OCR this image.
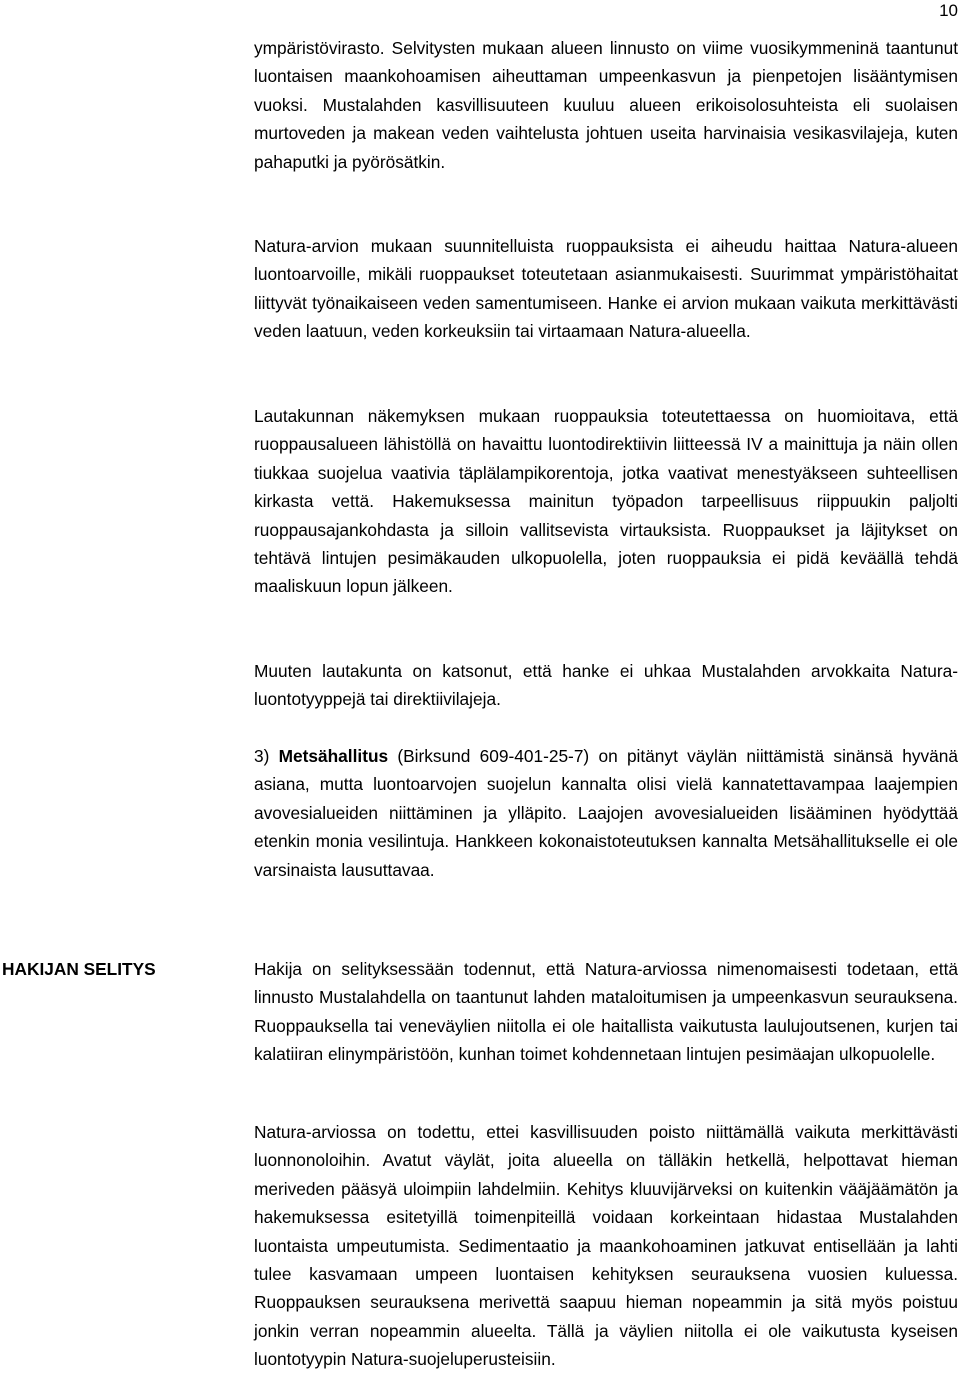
10

ympäristövirasto. Selvitysten mukaan alueen linnusto on viime vuosikymmeninä taantunut luontaisen maankohoamisen aiheuttaman umpeenkasvun ja pienpetojen lisääntymisen vuoksi. Mustalahden kasvillisuuteen kuuluu alueen erikoisolosuhteista eli suolaisen murtoveden ja makean veden vaihtelusta johtuen useita harvinaisia vesikasvilajeja, kuten pahaputki ja pyörösätkin.

Natura-arvion mukaan suunnitelluista ruoppauksista ei aiheudu haittaa Natura-alueen luontoarvoille, mikäli ruoppaukset toteutetaan asianmukaisesti. Suurimmat ympäristöhaitat liittyvät työnaikaiseen veden samentumiseen. Hanke ei arvion mukaan vaikuta merkittävästi veden laatuun, veden korkeuksiin tai virtaamaan Natura-alueella.

Lautakunnan näkemyksen mukaan ruoppauksia toteutettaessa on huomioitava, että ruoppausalueen lähistöllä on havaittu luontodirektiivin liitteessä IV a mainittuja ja näin ollen tiukkaa suojelua vaativia täplälampikorentoja, jotka vaativat menestyäkseen suhteellisen kirkasta vettä. Hakemuksessa mainitun työpadon tarpeellisuus riippuukin paljolti ruoppausajankohdasta ja silloin vallitsevista virtauksista. Ruoppaukset ja läjitykset on tehtävä lintujen pesimäkauden ulkopuolella, joten ruoppauksia ei pidä keväällä tehdä maaliskuun lopun jälkeen.

Muuten lautakunta on katsonut, että hanke ei uhkaa Mustalahden arvokkaita Natura-luontotyyppejä tai direktiivilajeja.

3) Metsähallitus (Birksund 609-401-25-7) on pitänyt väylän niittämistä sinänsä hyvänä asiana, mutta luontoarvojen suojelun kannalta olisi vielä kannatettavampaa laajempien avovesialueiden niittäminen ja ylläpito. Laajojen avovesialueiden lisääminen hyödyttää etenkin monia vesilintuja. Hankkeen kokonaistoteutuksen kannalta Metsähallitukselle ei ole varsinaista lausuttavaa.

HAKIJAN SELITYS	Hakija on selityksessään todennut, että Natura-arviossa nimenomaisesti todetaan, että linnusto Mustalahdella on taantunut lahden mataloitumisen ja umpeenkasvun seurauksena. Ruoppauksella tai veneväylien niitolla ei ole haitallista vaikutusta laulujoutsenen, kurjen tai kalatiiran elinympäristöön, kunhan toimet kohdennetaan lintujen pesimäajan ulkopuolelle.

Natura-arviossa on todettu, ettei kasvillisuuden poisto niittämällä vaikuta merkittävästi luonnonoloihin. Avatut väylät, joita alueella on tälläkin hetkellä, helpottavat hieman meriveden pääsyä uloimpiin lahdelmiin. Kehitys kluuvijärveksi on kuitenkin vääjäämätön ja hakemuksessa esitetyillä toimenpiteillä voidaan korkeintaan hidastaa Mustalahden luontaista umpeutumista. Sedimentaatio ja maankohoaminen jatkuvat entisellään ja lahti tulee kasvamaan umpeen luontaisen kehityksen seurauksena vuosien kuluessa. Ruoppauksen seurauksena merivettä saapuu hieman nopeammin ja sitä myös poistuu jonkin verran nopeammin alueelta. Tällä ja väylien niitolla ei ole vaikutusta kyseisen luontotyypin Natura-suojeluperusteisiin.
